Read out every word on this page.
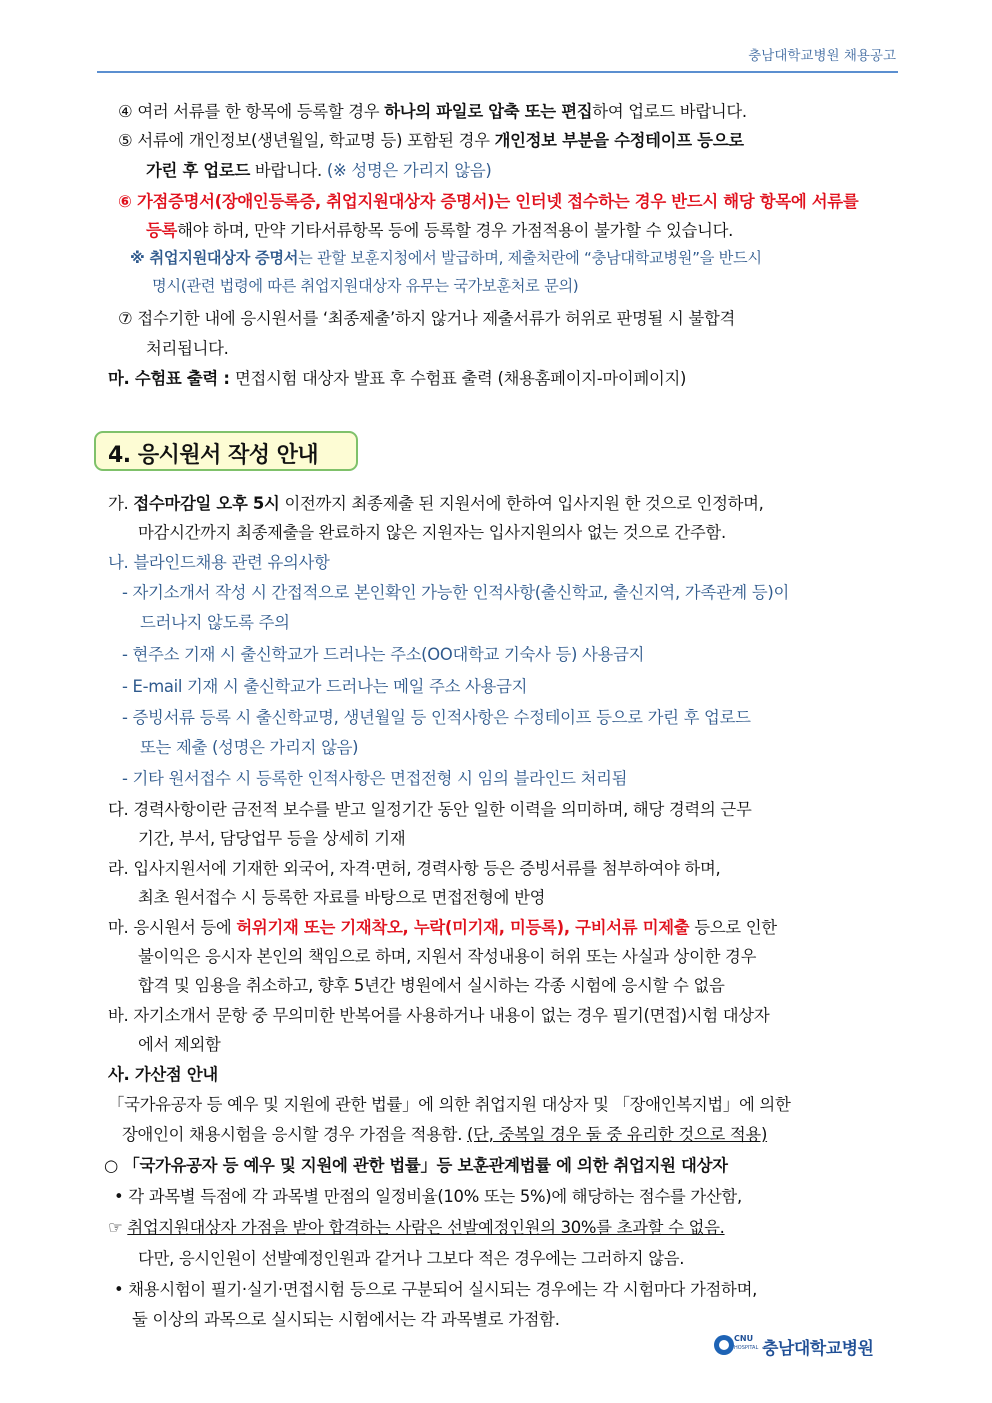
충남대학교병원 채용공고
④ 여러 서류를 한 항목에 등록할 경우 하나의 파일로 압축 또는 편집하여 업로드 바랍니다.
⑤ 서류에 개인정보(생년월일, 학교명 등) 포함된 경우 개인정보 부분을 수정테이프 등으로
가린 후 업로드 바랍니다. (※ 성명은 가리지 않음)
⑥ 가점증명서(장애인등록증, 취업지원대상자 증명서)는 인터넷 접수하는 경우 반드시 해당 항목에 서류를
등록해야 하며, 만약 기타서류항목 등에 등록할 경우 가점적용이 불가할 수 있습니다.
※ 취업지원대상자 증명서는 관할 보훈지청에서 발급하며, 제출처란에 “충남대학교병원”을 반드시
명시(관련 법령에 따른 취업지원대상자 유무는 국가보훈처로 문의)
⑦ 접수기한 내에 응시원서를 ‘최종제출’하지 않거나 제출서류가 허위로 판명될 시 불합격
처리됩니다.
마. 수험표 출력 : 면접시험 대상자 발표 후 수험표 출력 (채용홈페이지-마이페이지)
4. 응시원서 작성 안내
가. 접수마감일 오후 5시 이전까지 최종제출 된 지원서에 한하여 입사지원 한 것으로 인정하며,
마감시간까지 최종제출을 완료하지 않은 지원자는 입사지원의사 없는 것으로 간주함.
나. 블라인드채용 관련 유의사항
- 자기소개서 작성 시 간접적으로 본인확인 가능한 인적사항(출신학교, 출신지역, 가족관계 등)이
드러나지 않도록 주의
- 현주소 기재 시 출신학교가 드러나는 주소(OO대학교 기숙사 등) 사용금지
- E-mail 기재 시 출신학교가 드러나는 메일 주소 사용금지
- 증빙서류 등록 시 출신학교명, 생년월일 등 인적사항은 수정테이프 등으로 가린 후 업로드
또는 제출 (성명은 가리지 않음)
- 기타 원서접수 시 등록한 인적사항은 면접전형 시 임의 블라인드 처리됨
다. 경력사항이란 금전적 보수를 받고 일정기간 동안 일한 이력을 의미하며, 해당 경력의 근무
기간, 부서, 담당업무 등을 상세히 기재
라. 입사지원서에 기재한 외국어, 자격·면허, 경력사항 등은 증빙서류를 첨부하여야 하며,
최초 원서접수 시 등록한 자료를 바탕으로 면접전형에 반영
마. 응시원서 등에 허위기재 또는 기재착오, 누락(미기재, 미등록), 구비서류 미제출 등으로 인한
불이익은 응시자 본인의 책임으로 하며, 지원서 작성내용이 허위 또는 사실과 상이한 경우
합격 및 임용을 취소하고, 향후 5년간 병원에서 실시하는 각종 시험에 응시할 수 없음
바. 자기소개서 문항 중 무의미한 반복어를 사용하거나 내용이 없는 경우 필기(면접)시험 대상자
에서 제외함
사. 가산점 안내
「국가유공자 등 예우 및 지원에 관한 법률」에 의한 취업지원 대상자 및 「장애인복지법」에 의한
장애인이 채용시험을 응시할 경우 가점을 적용함. (단, 중복일 경우 둘 중 유리한 것으로 적용)
○ 「국가유공자 등 예우 및 지원에 관한 법률」등 보훈관계법률 에 의한 취업지원 대상자
• 각 과목별 득점에 각 과목별 만점의 일정비율(10% 또는 5%)에 해당하는 점수를 가산함,
☞ 취업지원대상자 가점을 받아 합격하는 사람은 선발예정인원의 30%를 초과할 수 없음.
다만, 응시인원이 선발예정인원과 같거나 그보다 적은 경우에는 그러하지 않음.
• 채용시험이 필기·실기·면접시험 등으로 구분되어 실시되는 경우에는 각 시험마다 가점하며,
둘 이상의 과목으로 실시되는 시험에서는 각 과목별로 가점함.
CNU
HOSPITAL 충남대학교병원
